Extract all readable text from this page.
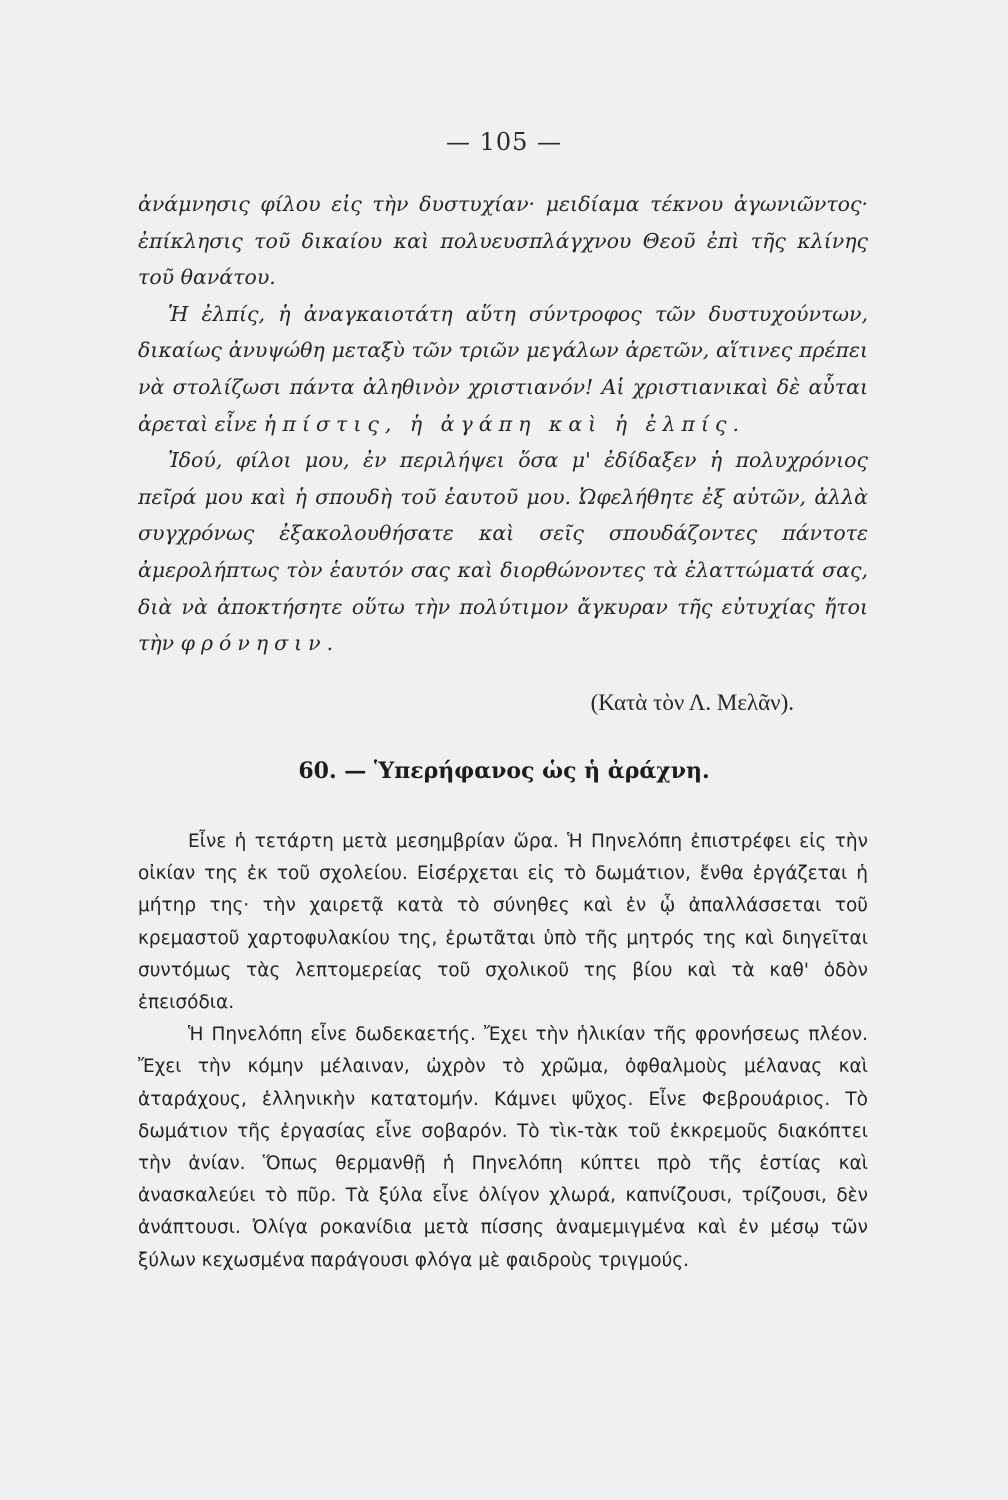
— 105 —

ἀνάμνησις φίλου εἰς τὴν δυστυχίαν· μειδίαμα τέκνου ἀγωνιῶντος· ἐπίκλησις τοῦ δικαίου καὶ πολυευσπλάγχνου Θεοῦ ἐπὶ τῆς κλίνης τοῦ θανάτου.

Ἡ ἐλπίς, ἡ ἀναγκαιοτάτη αὕτη σύντροφος τῶν δυστυχούντων, δικαίως ἀνυψώθη μεταξὺ τῶν τριῶν μεγάλων ἀρετῶν, αἵτινες πρέπει νὰ στολίζωσι πάντα ἀληθινὸν χριστιανόν! Αἱ χριστιανικαὶ δὲ αὗται ἀρεταὶ εἶνε ἡ πίστις, ἡ ἀγάπη καὶ ἡ ἐλπίς.

Ἰδού, φίλοι μου, ἐν περιλήψει ὅσα μ' ἐδίδαξεν ἡ πολυχρόνιος πεῖρά μου καὶ ἡ σπουδὴ τοῦ ἑαυτοῦ μου. Ὠφελήθητε ἐξ αὐτῶν, ἀλλὰ συγχρόνως ἐξακολουθήσατε καὶ σεῖς σπουδάζοντες πάντοτε ἀμερολήπτως τὸν ἑαυτόν σας καὶ διορθώνοντες τὰ ἐλαττώματά σας, διὰ νὰ ἀποκτήσητε οὕτω τὴν πολύτιμον ἄγκυραν τῆς εὐτυχίας ἤτοι τὴν φρόνησιν.

(Κατὰ τὸν Λ. Μελᾶν).
60. — Ὑπερήφανος ὡς ἡ ἀράχνη.

Εἶνε ἡ τετάρτη μετὰ μεσημβρίαν ὥρα. Ἡ Πηνελόπη ἐπιστρέφει εἰς τὴν οἰκίαν της ἐκ τοῦ σχολείου. Εἰσέρχεται εἰς τὸ δωμάτιον, ἔνθα ἐργάζεται ἡ μήτηρ της· τὴν χαιρετᾷ κατὰ τὸ σύνηθες καὶ ἐν ᾧ ἀπαλλάσσεται τοῦ κρεμαστοῦ χαρτοφυλακίου της, ἐρωτᾶται ὑπὸ τῆς μητρός της καὶ διηγεῖται συντόμως τὰς λεπτομερείας τοῦ σχολικοῦ της βίου καὶ τὰ καθ' ὁδὸν ἐπεισόδια.

Ἡ Πηνελόπη εἶνε δωδεκαετής. Ἔχει τὴν ἡλικίαν τῆς φρονήσεως πλέον. Ἔχει τὴν κόμην μέλαιναν, ὠχρὸν τὸ χρῶμα, ὀφθαλμοὺς μέλανας καὶ ἀταράχους, ἑλληνικὴν κατατομήν. Κάμνει ψῦχος. Εἶνε Φεβρουάριος. Τὸ δωμάτιον τῆς ἐργασίας εἶνε σοβαρόν. Τὸ τὶκ-τὰκ τοῦ ἐκκρεμοῦς διακόπτει τὴν ἀνίαν. Ὅπως θερμανθῇ ἡ Πηνελόπη κύπτει πρὸ τῆς ἑστίας καὶ ἀνασκαλεύει τὸ πῦρ. Τὰ ξύλα εἶνε ὀλίγον χλωρά, καπνίζουσι, τρίζουσι, δὲν ἀνάπτουσι. Ὀλίγα ροκανίδια μετὰ πίσσης ἀναμεμιγμένα καὶ ἐν μέσῳ τῶν ξύλων κεχωσμένα παράγουσι φλόγα μὲ φαιδροὺς τριγμούς.
